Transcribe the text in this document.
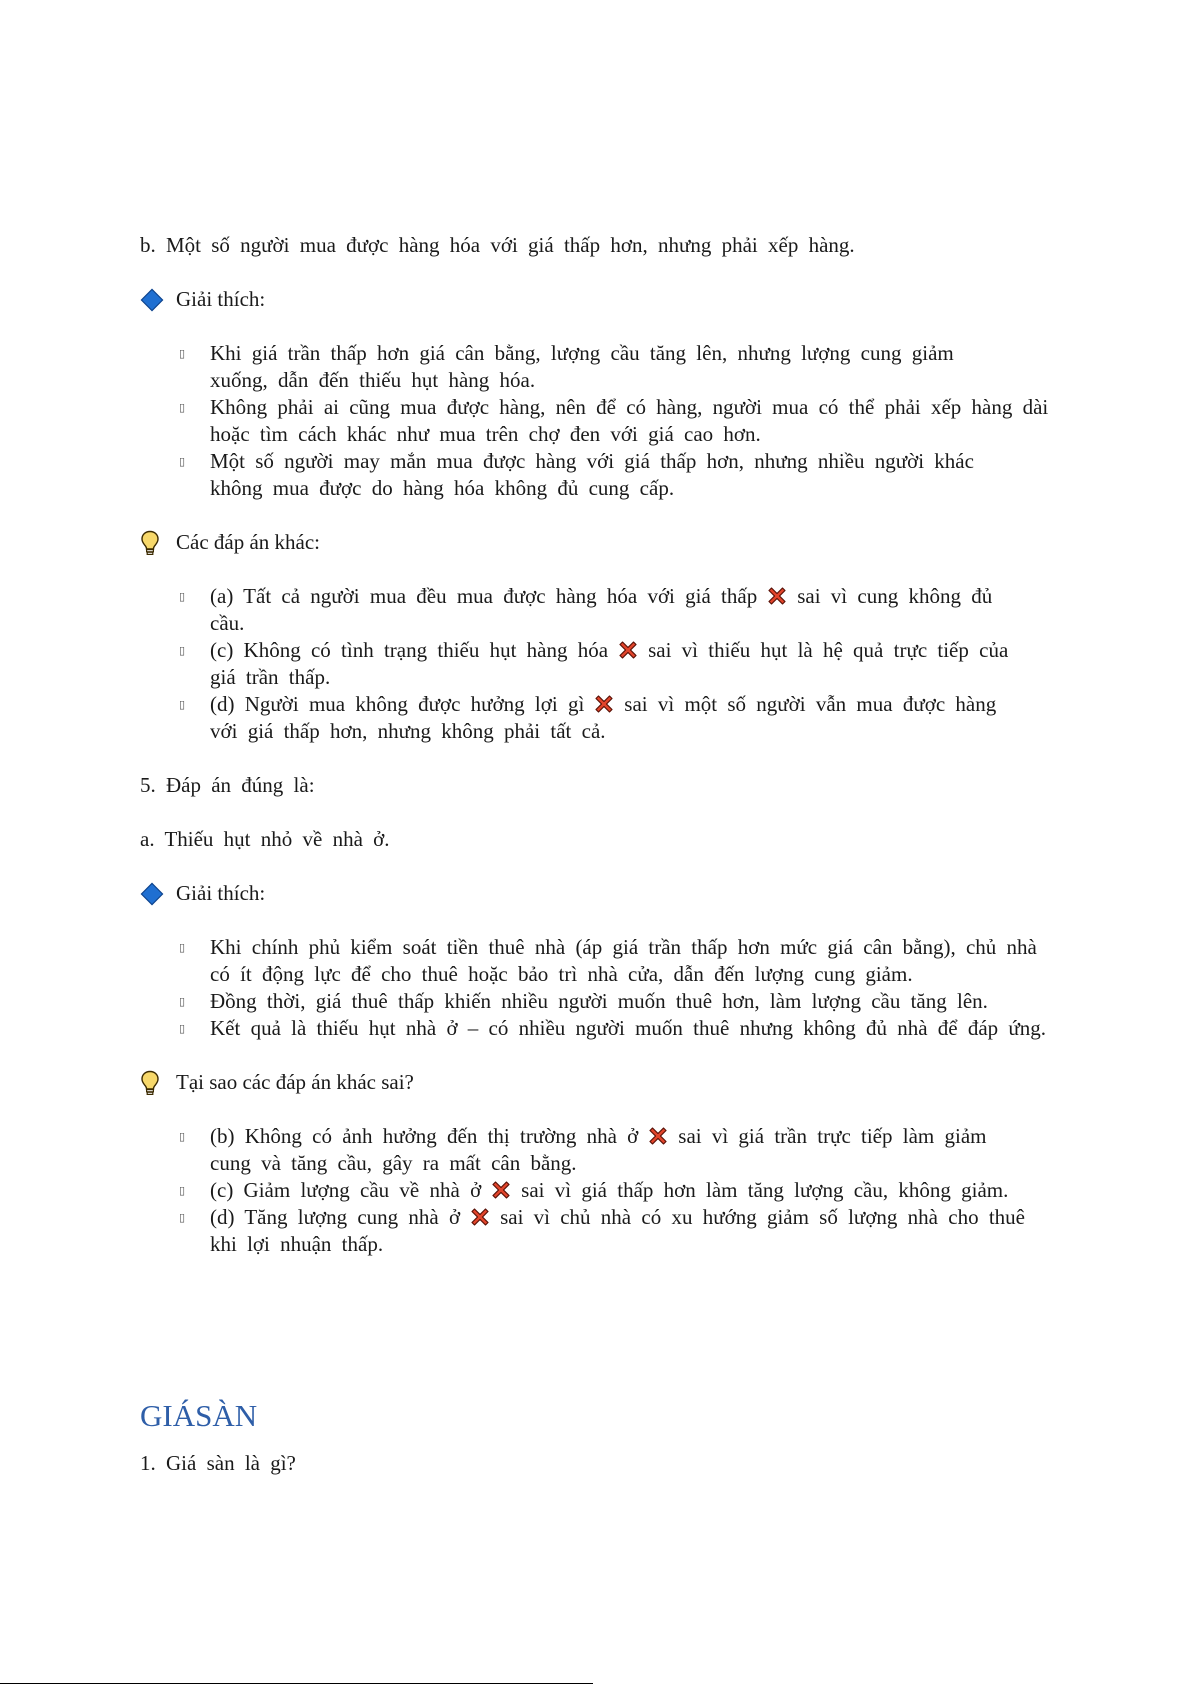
b. Một số người mua được hàng hóa với giá thấp hơn, nhưng phải xếp hàng.

Giải thích:
▯ Khi giá trần thấp hơn giá cân bằng, lượng cầu tăng lên, nhưng lượng cung giảm
xuống, dẫn đến thiếu hụt hàng hóa.
▯ Không phải ai cũng mua được hàng, nên để có hàng, người mua có thể phải xếp hàng dài
hoặc tìm cách khác như mua trên chợ đen với giá cao hơn.
▯ Một số người may mắn mua được hàng với giá thấp hơn, nhưng nhiều người khác
không mua được do hàng hóa không đủ cung cấp.
Các đáp án khác:
▯ (a) Tất cả người mua đều mua được hàng hóa với giá thấp sai vì cung không đủ
cầu.
▯ (c) Không có tình trạng thiếu hụt hàng hóa sai vì thiếu hụt là hệ quả trực tiếp của
giá trần thấp.
▯ (d) Người mua không được hưởng lợi gì sai vì một số người vẫn mua được hàng
với giá thấp hơn, nhưng không phải tất cả.

5. Đáp án đúng là:

a. Thiếu hụt nhỏ về nhà ở.

Giải thích:
▯ Khi chính phủ kiểm soát tiền thuê nhà (áp giá trần thấp hơn mức giá cân bằng), chủ nhà
có ít động lực để cho thuê hoặc bảo trì nhà cửa, dẫn đến lượng cung giảm.
▯ Đồng thời, giá thuê thấp khiến nhiều người muốn thuê hơn, làm lượng cầu tăng lên.
▯ Kết quả là thiếu hụt nhà ở – có nhiều người muốn thuê nhưng không đủ nhà để đáp ứng.
Tại sao các đáp án khác sai?
▯ (b) Không có ảnh hưởng đến thị trường nhà ở sai vì giá trần trực tiếp làm giảm
cung và tăng cầu, gây ra mất cân bằng.
▯ (c) Giảm lượng cầu về nhà ở sai vì giá thấp hơn làm tăng lượng cầu, không giảm.
▯ (d) Tăng lượng cung nhà ở sai vì chủ nhà có xu hướng giảm số lượng nhà cho thuê
khi lợi nhuận thấp.
GIÁSÀN

1. Giá sàn là gì?
